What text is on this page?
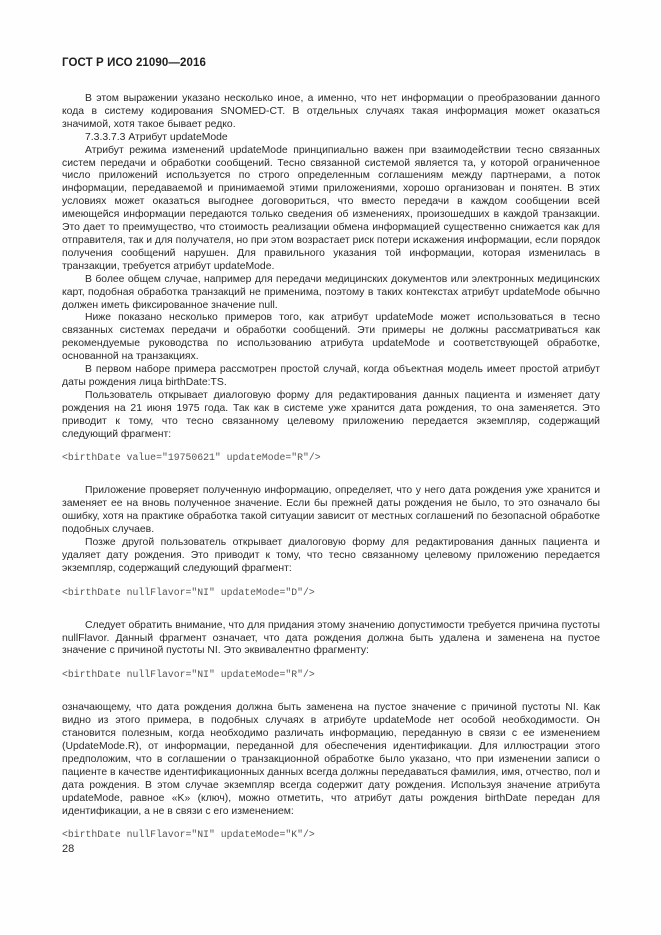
ГОСТ Р ИСО 21090—2016

В этом выражении указано несколько иное, а именно, что нет информации о преобразовании данного кода в систему кодирования SNOMED-CT. В отдельных случаях такая информация может оказаться значимой, хотя такое бывает редко.

7.3.3.7.3 Атрибут updateMode

Атрибут режима изменений updateMode принципиально важен при взаимодействии тесно связанных систем передачи и обработки сообщений. Тесно связанной системой является та, у которой ограниченное число приложений используется по строго определенным соглашениям между партнерами, а поток информации, передаваемой и принимаемой этими приложениями, хорошо организован и понятен. В этих условиях может оказаться выгоднее договориться, что вместо передачи в каждом сообщении всей имеющейся информации передаются только сведения об изменениях, произошедших в каждой транзакции. Это дает то преимущество, что стоимость реализации обмена информацией существенно снижается как для отправителя, так и для получателя, но при этом возрастает риск потери искажения информации, если порядок получения сообщений нарушен. Для правильного указания той информации, которая изменилась в транзакции, требуется атрибут updateMode.

В более общем случае, например для передачи медицинских документов или электронных медицинских карт, подобная обработка транзакций не применима, поэтому в таких контекстах атрибут updateMode обычно должен иметь фиксированное значение null.

Ниже показано несколько примеров того, как атрибут updateMode может использоваться в тесно связанных системах передачи и обработки сообщений. Эти примеры не должны рассматриваться как рекомендуемые руководства по использованию атрибута updateMode и соответствующей обработке, основанной на транзакциях.

В первом наборе примера рассмотрен простой случай, когда объектная модель имеет простой атрибут даты рождения лица birthDate:TS.

Пользователь открывает диалоговую форму для редактирования данных пациента и изменяет дату рождения на 21 июня 1975 года. Так как в системе уже хранится дата рождения, то она заменяется. Это приводит к тому, что тесно связанному целевому приложению передается экземпляр, содержащий следующий фрагмент:

<birthDate value="19750621" updateMode="R"/>

Приложение проверяет полученную информацию, определяет, что у него дата рождения уже хранится и заменяет ее на вновь полученное значение. Если бы прежней даты рождения не было, то это означало бы ошибку, хотя на практике обработка такой ситуации зависит от местных соглашений по безопасной обработке подобных случаев.

Позже другой пользователь открывает диалоговую форму для редактирования данных пациента и удаляет дату рождения. Это приводит к тому, что тесно связанному целевому приложению передается экземпляр, содержащий следующий фрагмент:

<birthDate nullFlavor="NI" updateMode="D"/>

Следует обратить внимание, что для придания этому значению допустимости требуется причина пустоты nullFlavor. Данный фрагмент означает, что дата рождения должна быть удалена и заменена на пустое значение с причиной пустоты NI. Это эквивалентно фрагменту:

<birthDate nullFlavor="NI" updateMode="R"/>

означающему, что дата рождения должна быть заменена на пустое значение с причиной пустоты NI. Как видно из этого примера, в подобных случаях в атрибуте updateMode нет особой необходимости. Он становится полезным, когда необходимо различать информацию, переданную в связи с ее изменением (UpdateMode.R), от информации, переданной для обеспечения идентификации. Для иллюстрации этого предположим, что в соглашении о транзакционной обработке было указано, что при изменении записи о пациенте в качестве идентификационных данных всегда должны передаваться фамилия, имя, отчество, пол и дата рождения. В этом случае экземпляр всегда содержит дату рождения. Используя значение атрибута updateMode, равное «K» (ключ), можно отметить, что атрибут даты рождения birthDate передан для идентификации, а не в связи с его изменением:

<birthDate nullFlavor="NI" updateMode="K"/>
28
